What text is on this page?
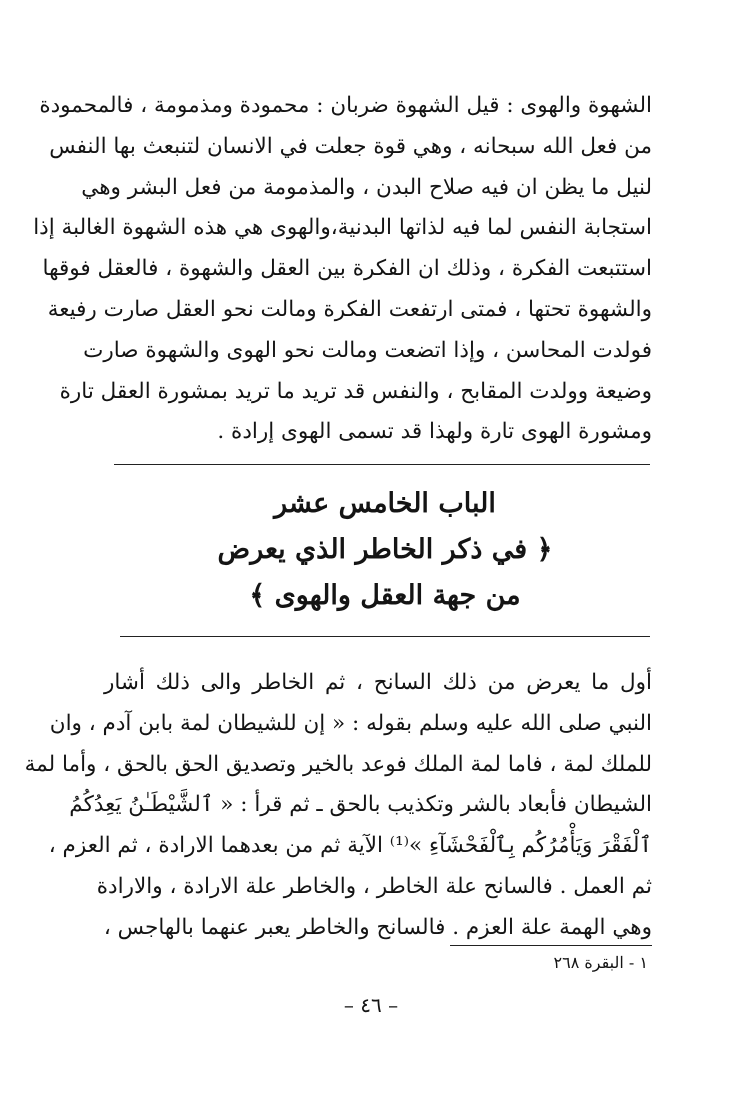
الشهوة والهوى : قيل الشهوة ضربان : محمودة ومذمومة ، فالمحمودة
من فعل الله سبحانه ، وهي قوة جعلت في الانسان لتنبعث بها النفس
لنيل ما يظن ان فيه صلاح البدن ، والمذمومة من فعل البشر وهي
استجابة النفس لما فيه لذاتها البدنية،والهوى هي هذه الشهوة الغالبة إذا
استتبعت الفكرة ، وذلك ان الفكرة بين العقل والشهوة ، فالعقل فوقها
والشهوة تحتها ، فمتى ارتفعت الفكرة ومالت نحو العقل صارت رفيعة
فولدت المحاسن ، وإذا اتضعت ومالت نحو الهوى والشهوة صارت
وضيعة وولدت المقابح ، والنفس قد تريد ما تريد بمشورة العقل تارة
ومشورة الهوى تارة ولهذا قد تسمى الهوى إرادة .
الباب الخامس عشر
﴿ في ذكر الخاطر الذي يعرض
من جهة العقل والهوى ﴾
أول ما يعرض من ذلك السانح ، ثم الخاطر والى ذلك أشار
النبي صلى الله عليه وسلم بقوله : « إن للشيطان لمة بابن آدم ، وان
للملك لمة ، فاما لمة الملك فوعد بالخير وتصديق الحق بالحق ، وأما لمة
الشيطان فأبعاد بالشر وتكذيب بالحق ـ ثم قرأ : « ٱلشَّيْطَـٰنُ يَعِدُكُمُ
ٱلْفَقْرَ وَيَأْمُرُكُم بِٱلْفَحْشَآءِ »⁽¹⁾ الآية ثم من بعدهما الارادة ، ثم العزم ،
ثم العمل . فالسانح علة الخاطر ، والخاطر علة الارادة ، والارادة
وهي الهمة علة العزم . فالسانح والخاطر يعبر عنهما بالهاجس ،
١ - البقرة ٢٦٨
– ٤٦ –
